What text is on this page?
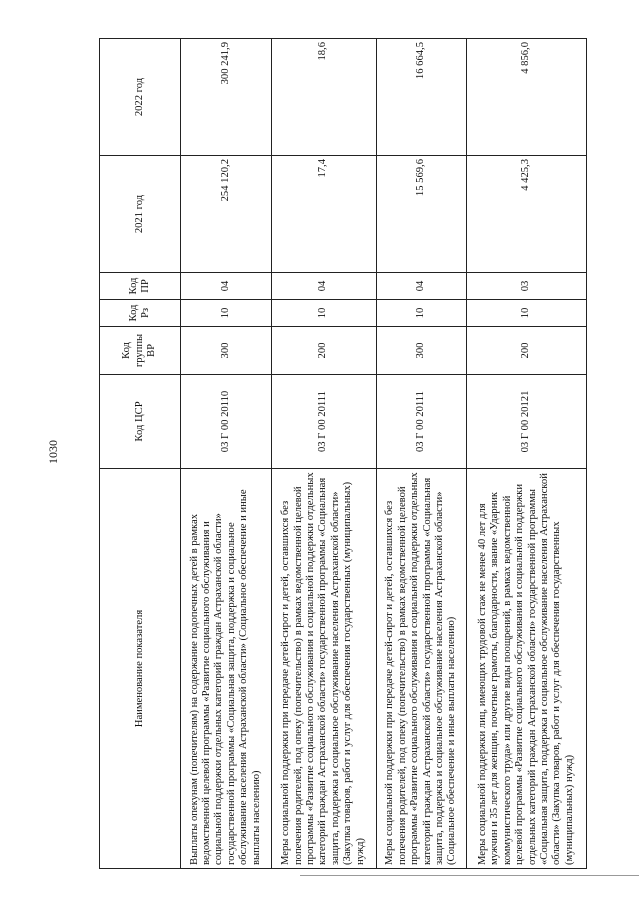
1030
Наименование показателя	Код ЦСР	Код группы ВР	Код Рз	Код ПР	2021 год	2022 год
Выплаты опекунам (попечителям) на содержание подопечных детей в рамках ведомственной целевой программы «Развитие социального обслуживания и социальной поддержки отдельных категорий граждан Астраханской области» государственной программы «Социальная защита, поддержка и социальное обслуживание населения Астраханской области» (Социальное обеспечение и иные выплаты населению)	03 Г 00 20110	300	10	04	254 120,2	300 241,9
Меры социальной поддержки при передаче детей-сирот и детей, оставшихся без попечения родителей, под опеку (попечительство) в рамках ведомственной целевой программы «Развитие социального обслуживания и социальной поддержки отдельных категорий граждан Астраханской области» государственной программы «Социальная защита, поддержка и социальное обслуживание населения Астраханской области» (Закупка товаров, работ и услуг для обеспечения государственных (муниципальных) нужд)	03 Г 00 20111	200	10	04	17,4	18,6
Меры социальной поддержки при передаче детей-сирот и детей, оставшихся без попечения родителей, под опеку (попечительство) в рамках ведомственной целевой программы «Развитие социального обслуживания и социальной поддержки отдельных категорий граждан Астраханской области» государственной программы «Социальная защита, поддержка и социальное обслуживание населения Астраханской области» (Социальное обеспечение и иные выплаты населению)	03 Г 00 20111	300	10	04	15 569,6	16 664,5
Меры социальной поддержки лиц, имеющих трудовой стаж не менее 40 лет для мужчин и 35 лет для женщин, почетные грамоты, благодарности, звание «Ударник коммунистического труда» или другие виды поощрений, в рамках ведомственной целевой программы «Развитие социального обслуживания и социальной поддержки отдельных категорий граждан Астраханской области» государственной программы «Социальная защита, поддержка и социальное обслуживание населения Астраханской области» (Закупка товаров, работ и услуг для обеспечения государственных (муниципальных) нужд)	03 Г 00 20121	200	10	03	4 425,3	4 856,0
